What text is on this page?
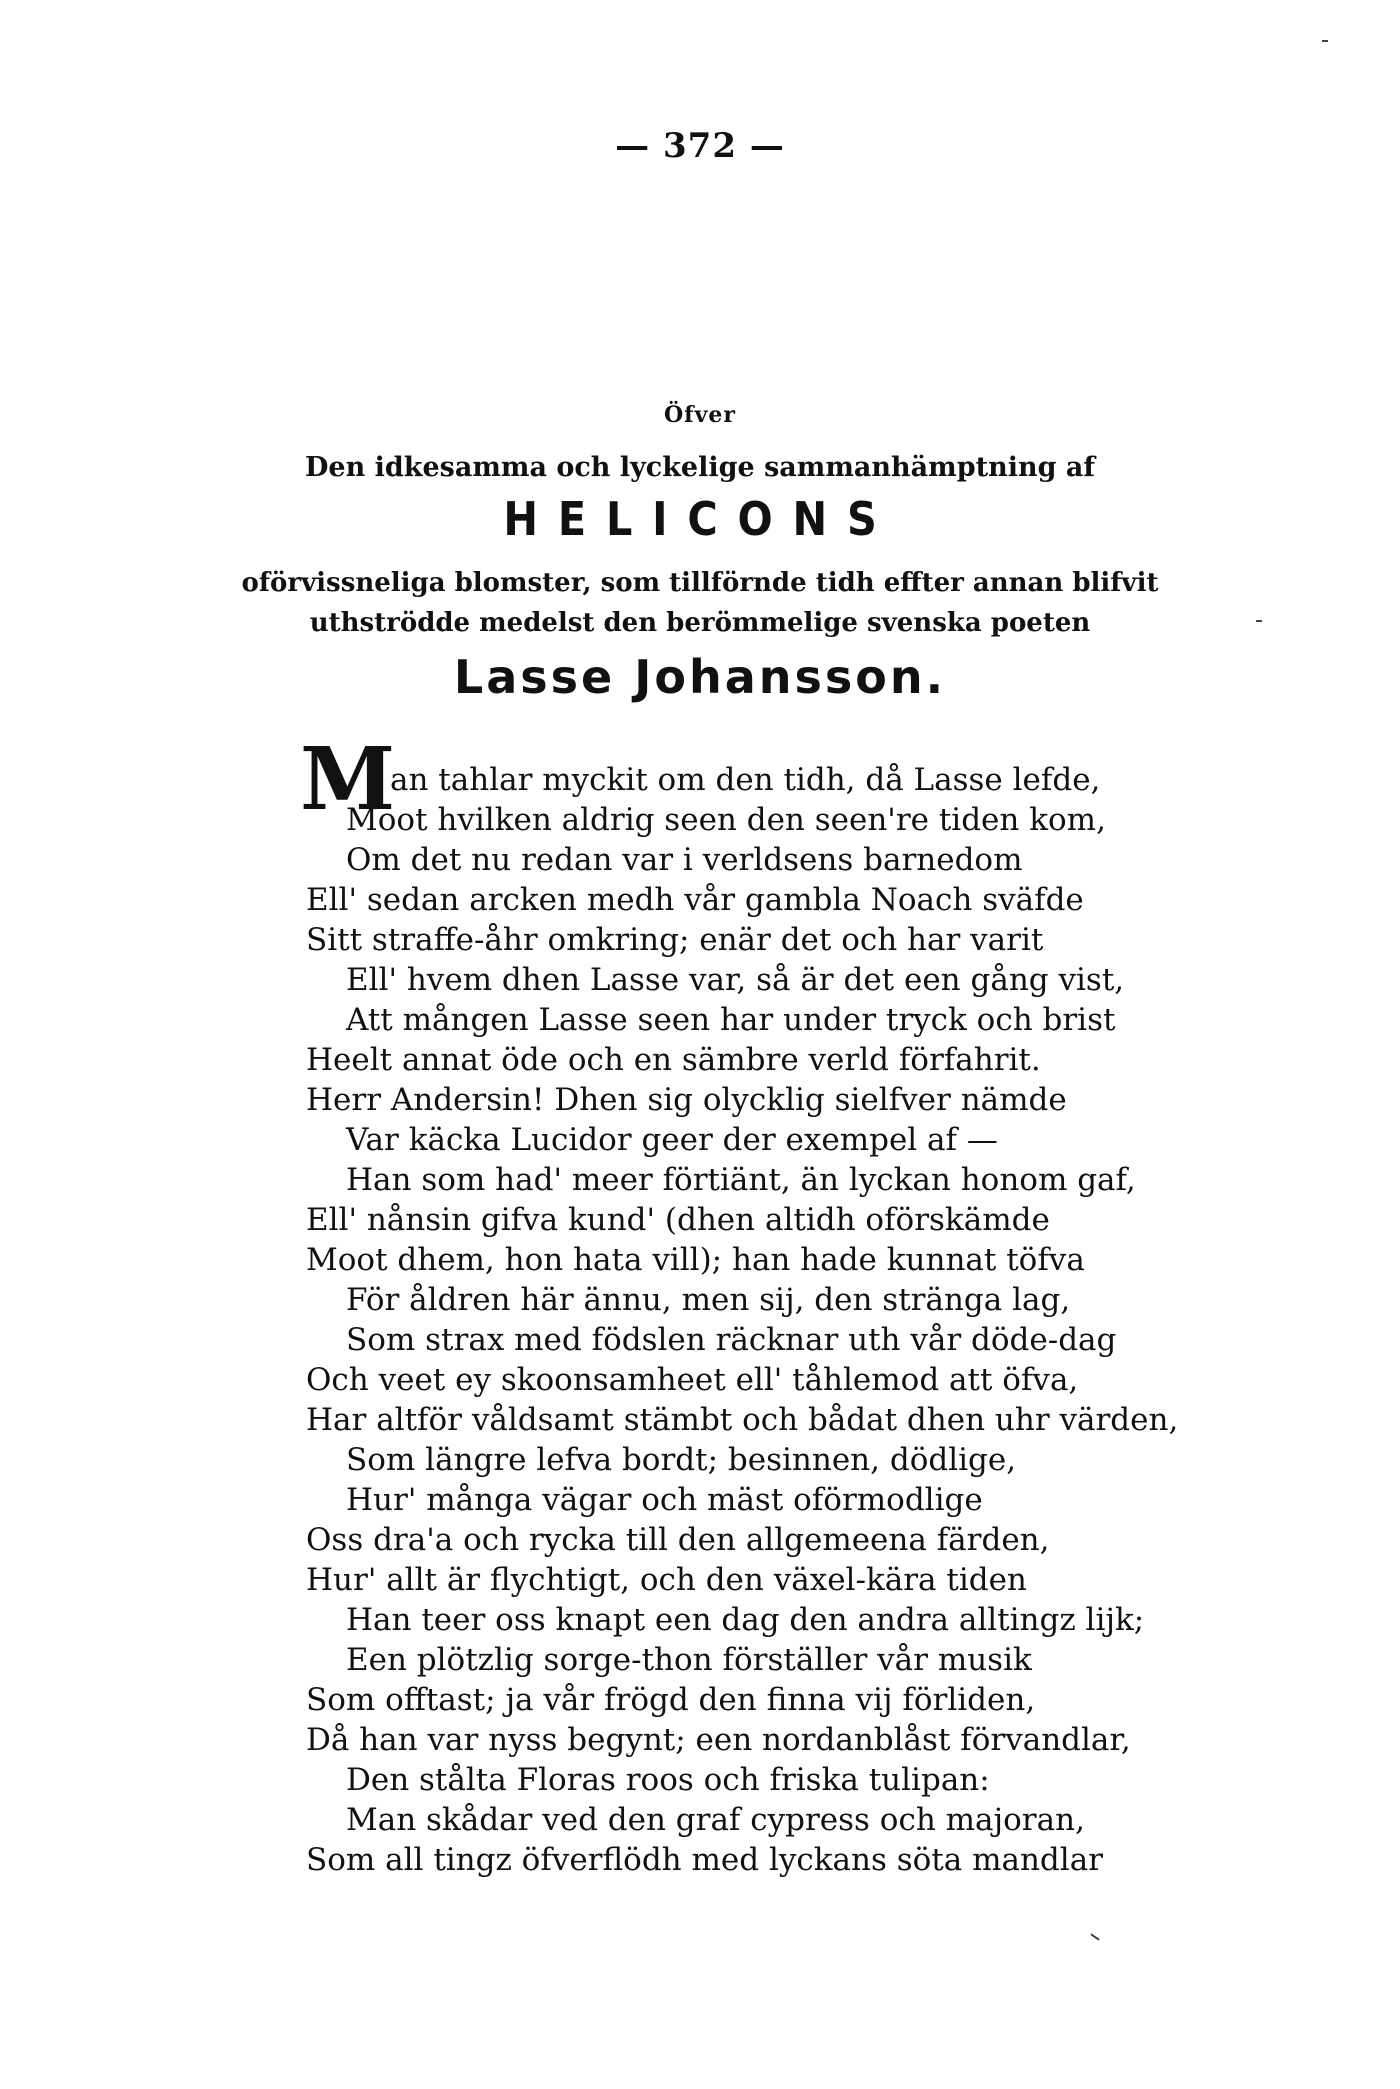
— 372 —
Öfver
Den idkesamma och lyckelige sammanhämptning af
HELICONS
oförvissneliga blomster, som tillförnde tidh effter annan blifvit
uthströdde medelst den berömmelige svenska poeten
Lasse Johansson.
M
an tahlar myckit om den tidh, då Lasse lefde,
Moot hvilken aldrig seen den seen're tiden kom,
Om det nu redan var i verldsens barnedom
Ell' sedan arcken medh vår gambla Noach sväfde
Sitt straffe-åhr omkring; enär det och har varit
Ell' hvem dhen Lasse var, så är det een gång vist,
Att mången Lasse seen har under tryck och brist
Heelt annat öde och en sämbre verld förfahrit.
Herr Andersin! Dhen sig olycklig sielfver nämde
Var käcka Lucidor geer der exempel af —
Han som had' meer förtiänt, än lyckan honom gaf,
Ell' nånsin gifva kund' (dhen altidh oförskämde
Moot dhem, hon hata vill); han hade kunnat töfva
För åldren här ännu, men sij, den stränga lag,
Som strax med födslen räcknar uth vår döde-dag
Och veet ey skoonsamheet ell' tåhlemod att öfva,
Har altför våldsamt stämbt och bådat dhen uhr värden,
Som längre lefva bordt; besinnen, dödlige,
Hur' många vägar och mäst oförmodlige
Oss dra'a och rycka till den allgemeena färden,
Hur' allt är flychtigt, och den växel-kära tiden
Han teer oss knapt een dag den andra alltingz lijk;
Een plötzlig sorge-thon förställer vår musik
Som offtast; ja vår frögd den finna vij förliden,
Då han var nyss begynt; een nordanblåst förvandlar,
Den stålta Floras roos och friska tulipan:
Man skådar ved den graf cypress och majoran,
Som all tingz öfverflödh med lyckans söta mandlar
